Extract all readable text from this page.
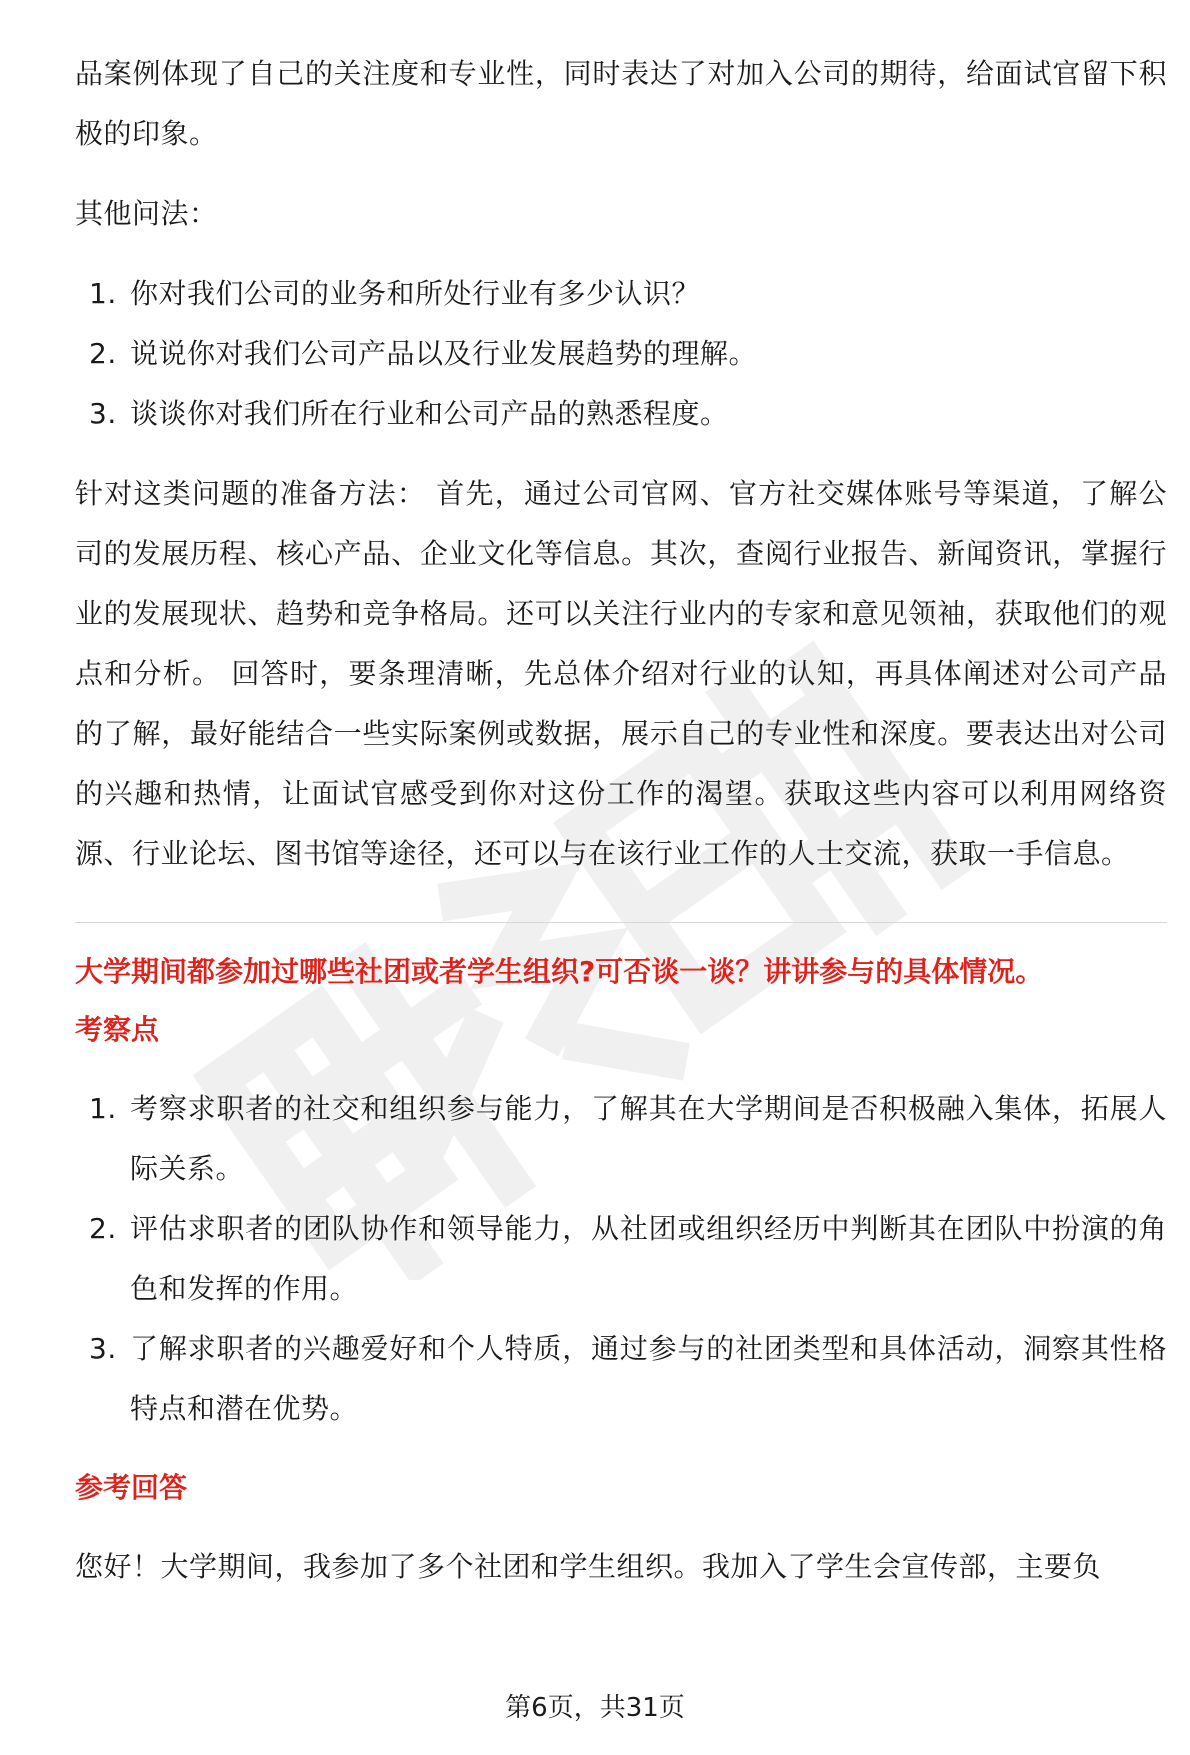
品案例体现了自己的关注度和专业性，同时表达了对加入公司的期待，给面试官留下积极的印象。

其他问法：

1. 你对我们公司的业务和所处行业有多少认识？
2. 说说你对我们公司产品以及行业发展趋势的理解。
3. 谈谈你对我们所在行业和公司产品的熟悉程度。

针对这类问题的准备方法： 首先，通过公司官网、官方社交媒体账号等渠道，了解公司的发展历程、核心产品、企业文化等信息。其次，查阅行业报告、新闻资讯，掌握行业的发展现状、趋势和竞争格局。还可以关注行业内的专家和意见领袖，获取他们的观点和分析。 回答时，要条理清晰，先总体介绍对行业的认知，再具体阐述对公司产品的了解，最好能结合一些实际案例或数据，展示自己的专业性和深度。要表达出对公司的兴趣和热情，让面试官感受到你对这份工作的渴望。获取这些内容可以利用网络资源、行业论坛、图书馆等途径，还可以与在该行业工作的人士交流，获取一手信息。

大学期间都参加过哪些社团或者学生组织?可否谈一谈？讲讲参与的具体情况。

考察点

1. 考察求职者的社交和组织参与能力，了解其在大学期间是否积极融入集体，拓展人际关系。
2. 评估求职者的团队协作和领导能力，从社团或组织经历中判断其在团队中扮演的角色和发挥的作用。
3. 了解求职者的兴趣爱好和个人特质，通过参与的社团类型和具体活动，洞察其性格特点和潜在优势。

参考回答

您好！大学期间，我参加了多个社团和学生组织。我加入了学生会宣传部，主要负

第6页，共31页
